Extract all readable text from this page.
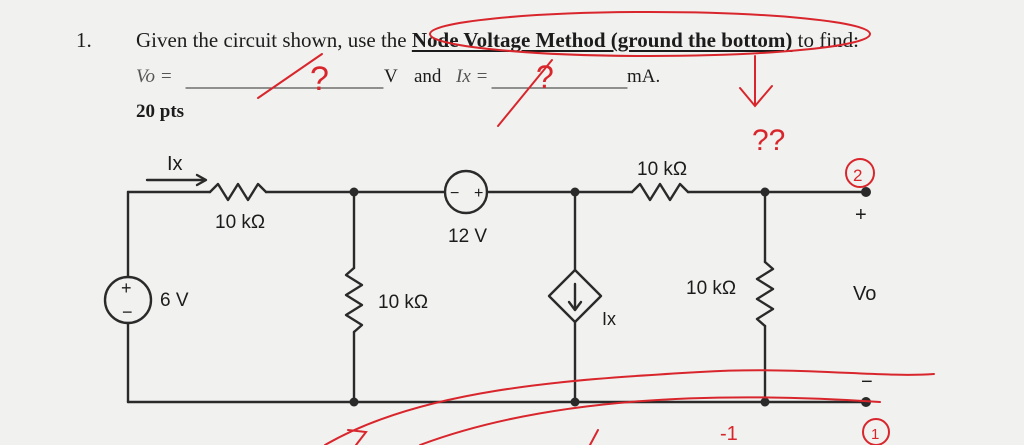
1. Given the circuit shown, use the Node Voltage Method (ground the bottom) to find:
Vo =	V and Ix =	mA.
20 pts
Ix
10 kΩ
12 V
10 kΩ
6 V	10 kΩ
Ix
10 kΩ
+
Vo
−
+
−
− +
?	?
??
2
1
-1
